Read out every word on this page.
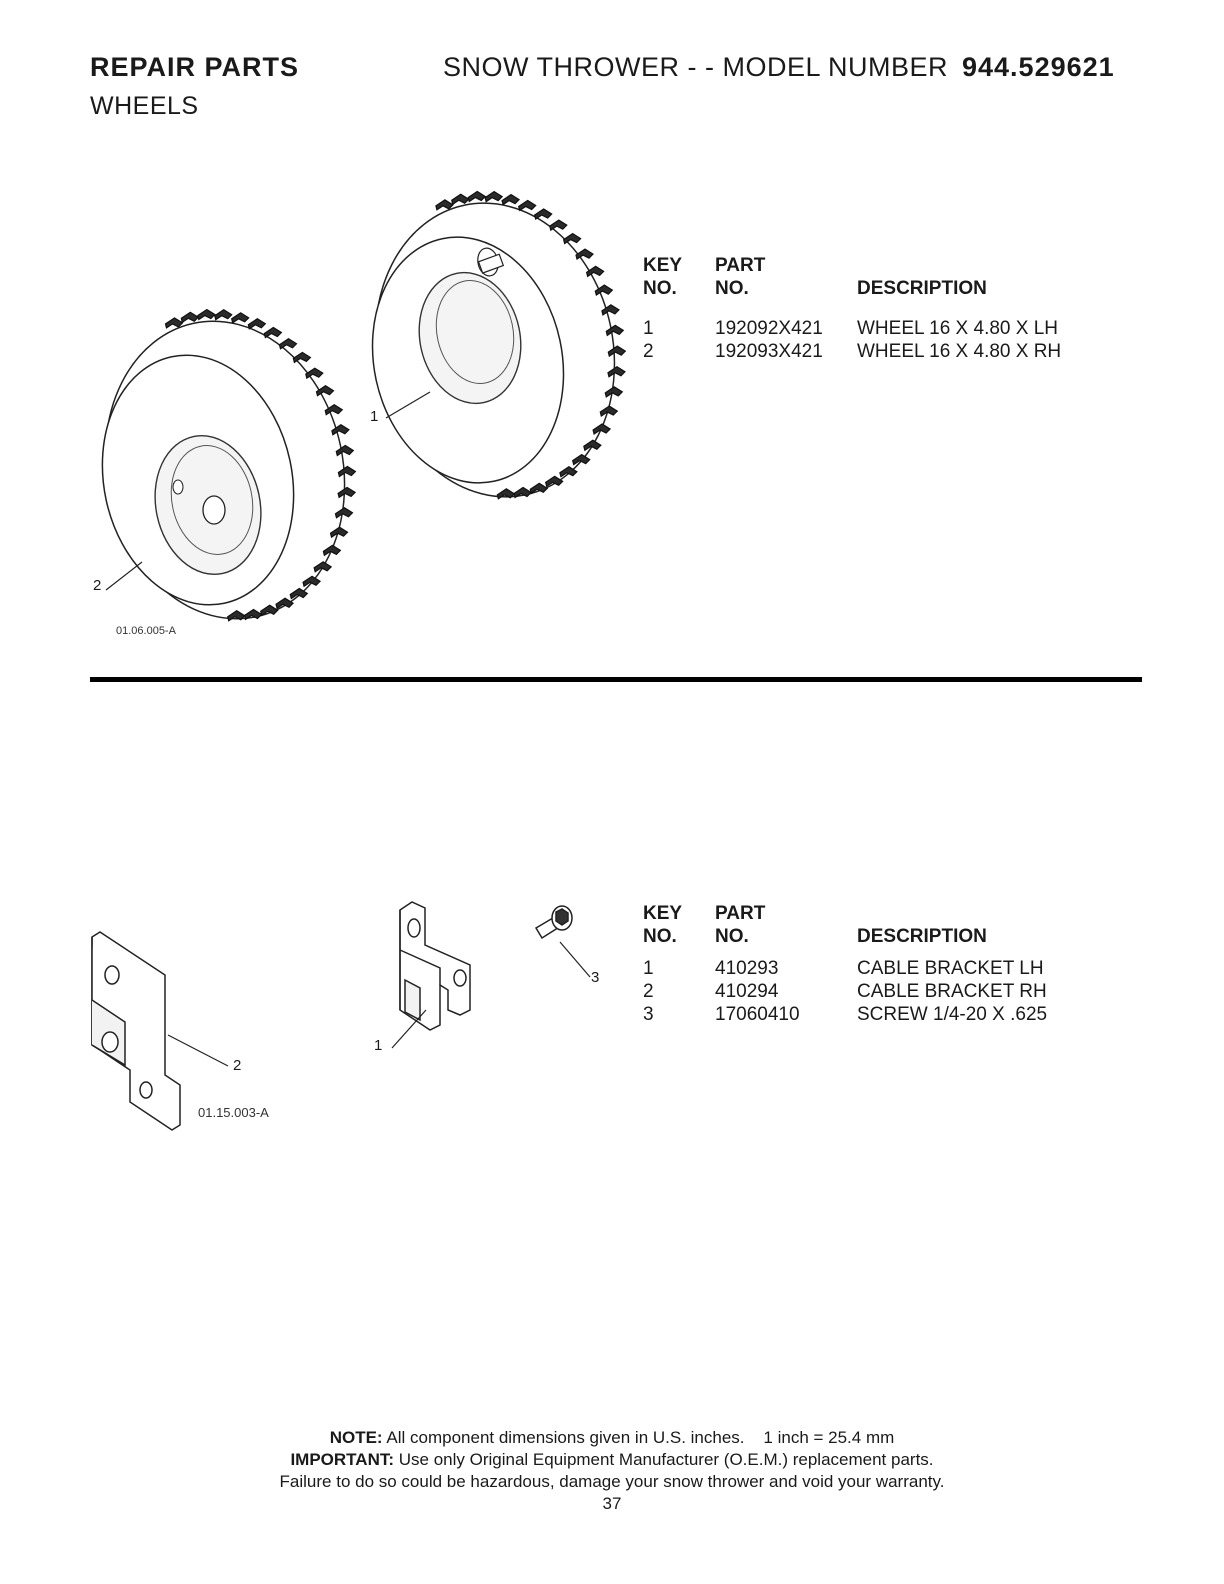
REPAIR PARTS	SNOW THROWER - - MODEL NUMBER 944.529621
WHEELS
1
2
01.06.005-A
KEY
NO.
PART
NO.	DESCRIPTION
1	192092X421 WHEEL 16 X 4.80 X LH
2	192093X421 WHEEL 16 X 4.80 X RH
1
2
3
01.15.003-A
KEY
NO.
PART
NO.	DESCRIPTION
1	410293	CABLE BRACKET LH
2	410294	CABLE BRACKET RH
3	17060410	SCREW 1/4-20 X .625
NOTE: All component dimensions given in U.S. inches.    1 inch = 25.4 mm
IMPORTANT: Use only Original Equipment Manufacturer (O.E.M.) replacement parts.
Failure to do so could be hazardous, damage your snow thrower and void your warranty.
37
